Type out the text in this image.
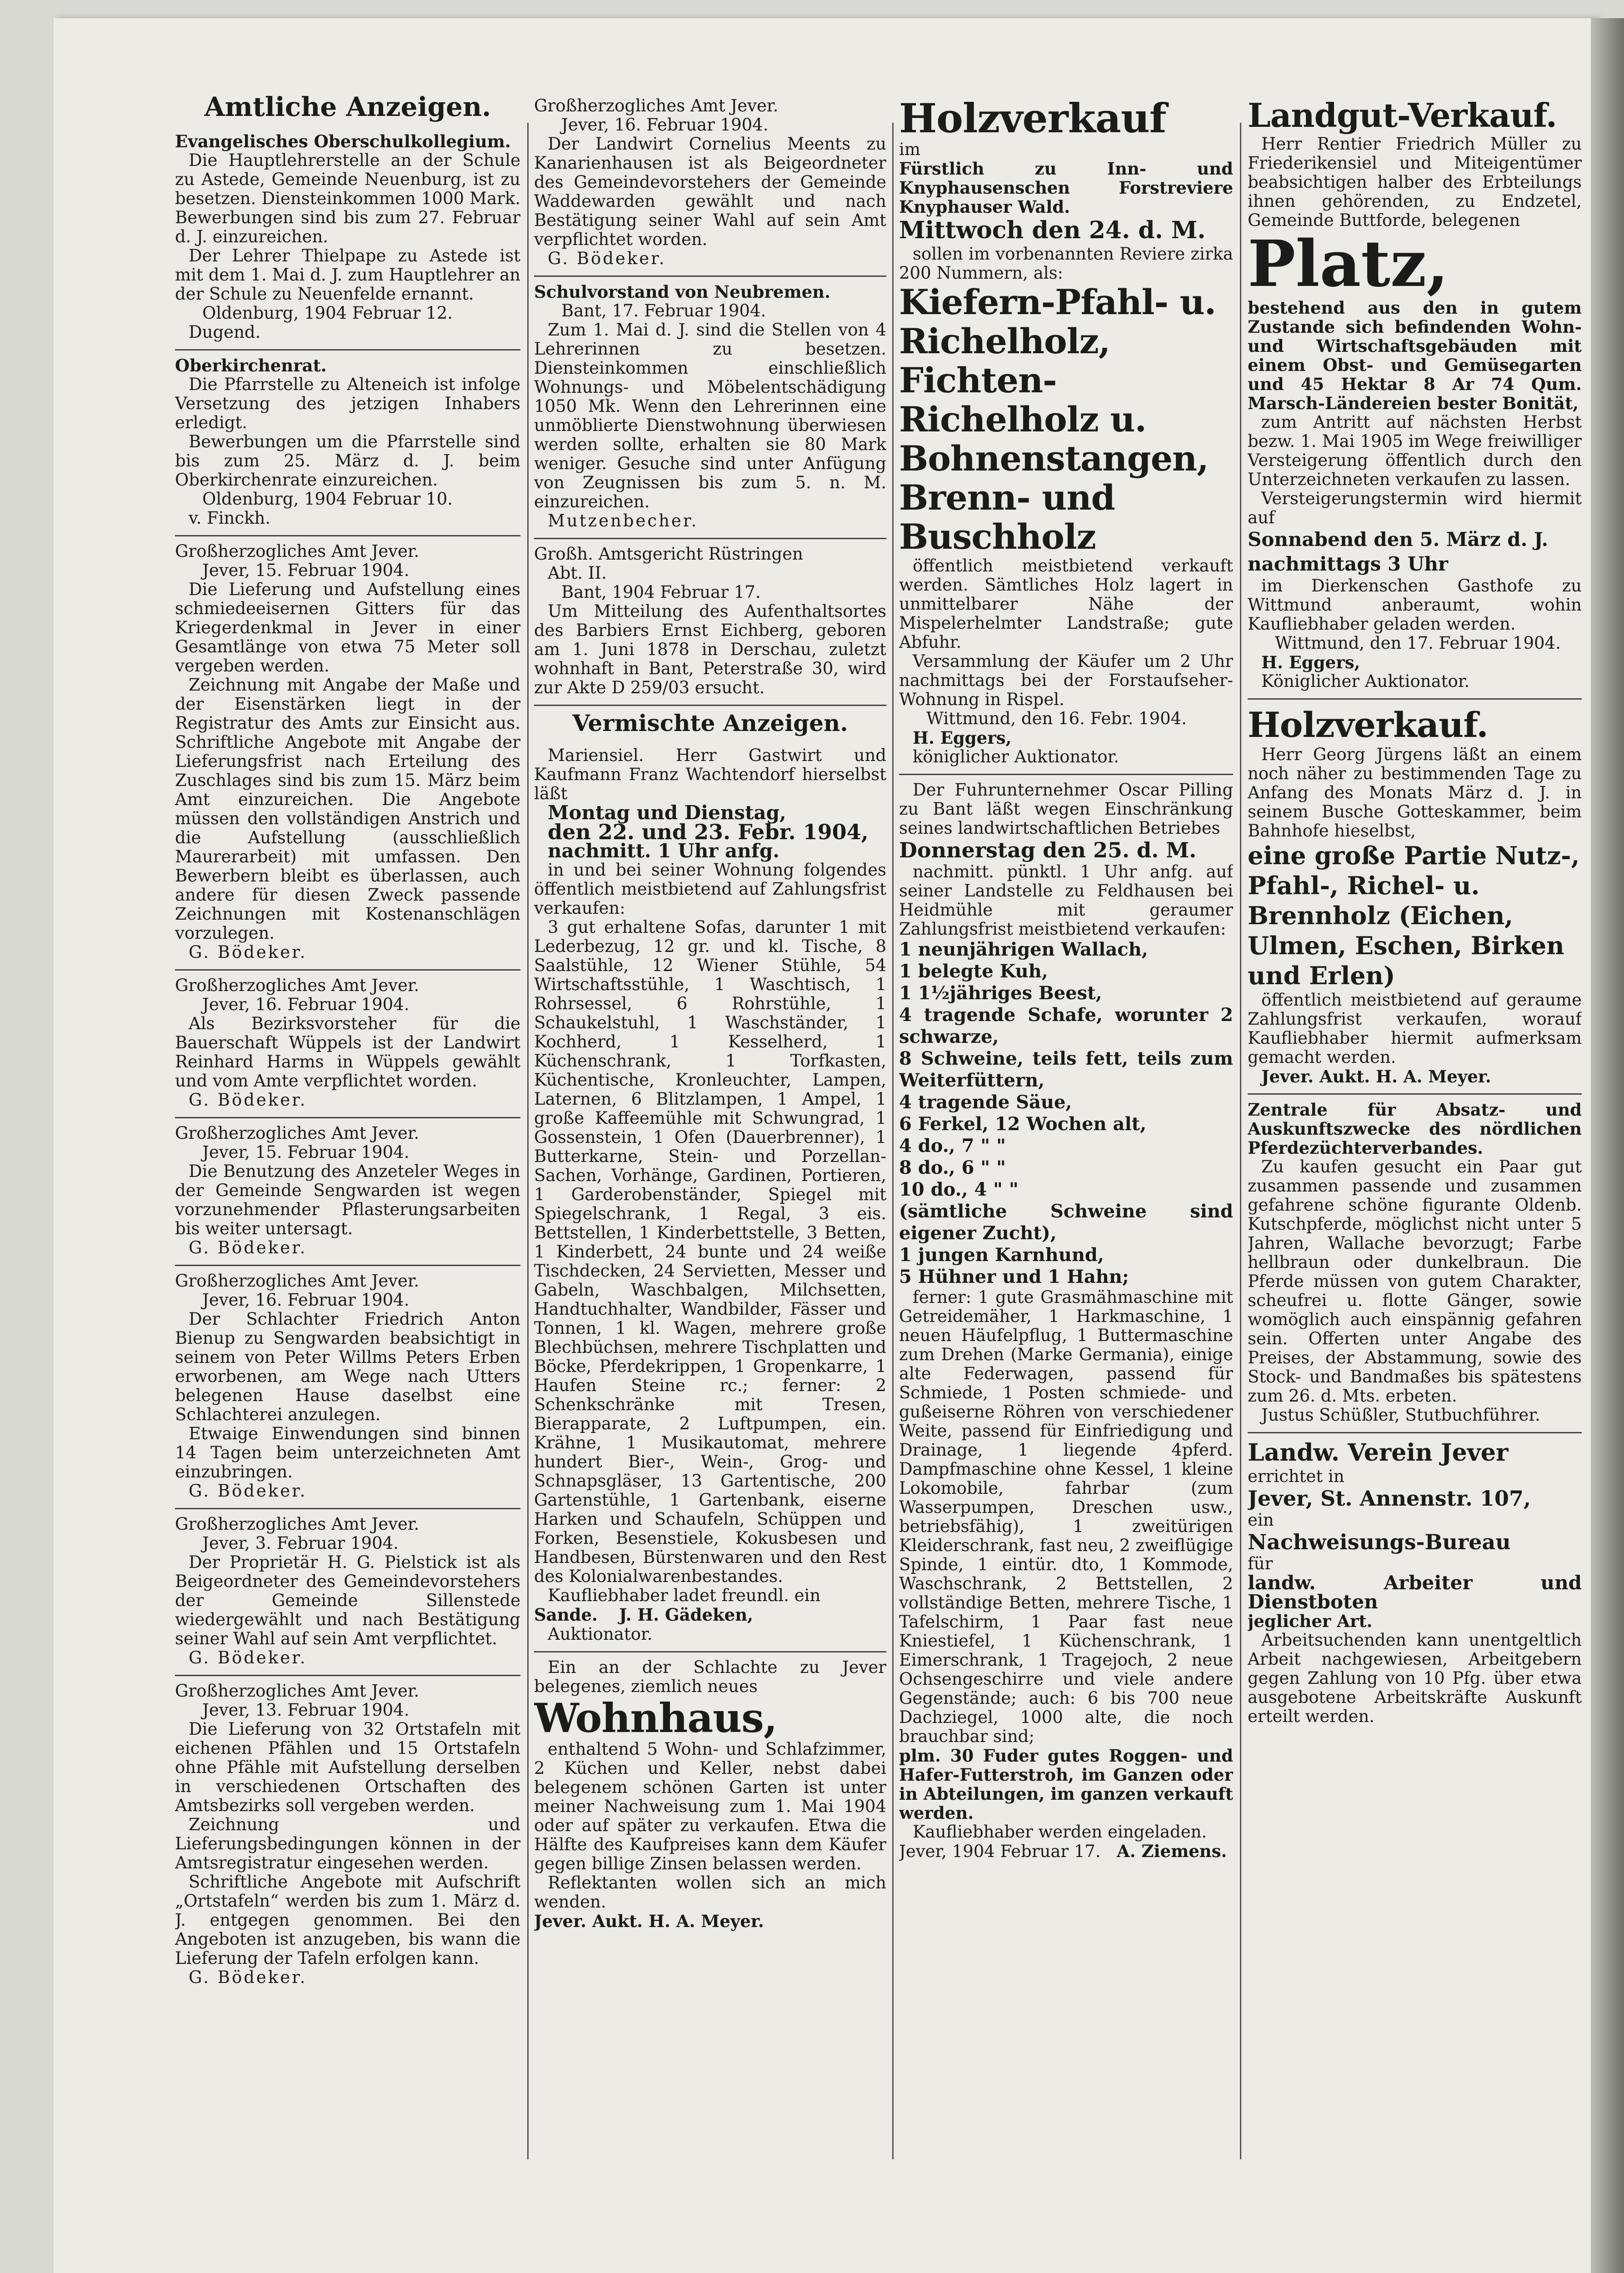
Amtliche Anzeigen.

Evangelisches Oberschulkollegium.

Die Hauptlehrerstelle an der Schule zu Astede, Gemeinde Neuenburg, ist zu besetzen. Diensteinkommen 1000 Mark. Bewerbungen sind bis zum 27. Februar d. J. einzureichen.

Der Lehrer Thielpape zu Astede ist mit dem 1. Mai d. J. zum Hauptlehrer an der Schule zu Neuenfelde ernannt.

Oldenburg, 1904 Februar 12.

Dugend.

Oberkirchenrat.

Die Pfarrstelle zu Alteneich ist infolge Versetzung des jetzigen Inhabers erledigt.

Bewerbungen um die Pfarrstelle sind bis zum 25. März d. J. beim Oberkirchenrate einzureichen.

Oldenburg, 1904 Februar 10.

v. Finckh.

Großherzogliches Amt Jever.

Jever, 15. Februar 1904.

Die Lieferung und Aufstellung eines schmiedeeisernen Gitters für das Kriegerdenkmal in Jever in einer Gesamtlänge von etwa 75 Meter soll vergeben werden.

Zeichnung mit Angabe der Maße und der Eisenstärken liegt in der Registratur des Amts zur Einsicht aus. Schriftliche Angebote mit Angabe der Lieferungsfrist nach Erteilung des Zuschlages sind bis zum 15. März beim Amt einzureichen. Die Angebote müssen den vollständigen Anstrich und die Aufstellung (ausschließlich Maurerarbeit) mit umfassen. Den Bewerbern bleibt es überlassen, auch andere für diesen Zweck passende Zeichnungen mit Kostenanschlägen vorzulegen.

G. Bödeker.

Großherzogliches Amt Jever.

Jever, 16. Februar 1904.

Als Bezirksvorsteher für die Bauerschaft Wüppels ist der Landwirt Reinhard Harms in Wüppels gewählt und vom Amte verpflichtet worden.

G. Bödeker.

Großherzogliches Amt Jever.

Jever, 15. Februar 1904.

Die Benutzung des Anzeteler Weges in der Gemeinde Sengwarden ist wegen vorzunehmender Pflasterungsarbeiten bis weiter untersagt.

G. Bödeker.

Großherzogliches Amt Jever.

Jever, 16. Februar 1904.

Der Schlachter Friedrich Anton Bienup zu Sengwarden beabsichtigt in seinem von Peter Willms Peters Erben erworbenen, am Wege nach Utters belegenen Hause daselbst eine Schlachterei anzulegen.

Etwaige Einwendungen sind binnen 14 Tagen beim unterzeichneten Amt einzubringen.

G. Bödeker.

Großherzogliches Amt Jever.

Jever, 3. Februar 1904.

Der Proprietär H. G. Pielstick ist als Beigeordneter des Gemeindevorstehers der Gemeinde Sillenstede wiedergewählt und nach Bestätigung seiner Wahl auf sein Amt verpflichtet.

G. Bödeker.

Großherzogliches Amt Jever.

Jever, 13. Februar 1904.

Die Lieferung von 32 Ortstafeln mit eichenen Pfählen und 15 Ortstafeln ohne Pfähle mit Aufstellung derselben in verschiedenen Ortschaften des Amtsbezirks soll vergeben werden.

Zeichnung und Lieferungsbedingungen können in der Amtsregistratur eingesehen werden.

Schriftliche Angebote mit Aufschrift „Ortstafeln“ werden bis zum 1. März d. J. entgegen genommen. Bei den Angeboten ist anzugeben, bis wann die Lieferung der Tafeln erfolgen kann.

G. Bödeker.

Großherzogliches Amt Jever.

Jever, 16. Februar 1904.

Der Landwirt Cornelius Meents zu Kanarienhausen ist als Beigeordneter des Gemeindevorstehers der Gemeinde Waddewarden gewählt und nach Bestätigung seiner Wahl auf sein Amt verpflichtet worden.

G. Bödeker.

Schulvorstand von Neubremen.

Bant, 17. Februar 1904.

Zum 1. Mai d. J. sind die Stellen von 4 Lehrerinnen zu besetzen. Diensteinkommen einschließlich Wohnungs- und Möbelentschädigung 1050 Mk. Wenn den Lehrerinnen eine unmöblierte Dienstwohnung überwiesen werden sollte, erhalten sie 80 Mark weniger. Gesuche sind unter Anfügung von Zeugnissen bis zum 5. n. M. einzureichen.

Mutzenbecher.

Großh. Amtsgericht Rüstringen

Abt. II.

Bant, 1904 Februar 17.

Um Mitteilung des Aufenthaltsortes des Barbiers Ernst Eichberg, geboren am 1. Juni 1878 in Derschau, zuletzt wohnhaft in Bant, Peterstraße 30, wird zur Akte D 259/03 ersucht.

Vermischte Anzeigen.

Mariensiel. Herr Gastwirt und Kaufmann Franz Wachtendorf hierselbst läßt

Montag und Dienstag,

den 22. und 23. Febr. 1904,

nachmitt. 1 Uhr anfg.

in und bei seiner Wohnung folgendes öffentlich meistbietend auf Zahlungsfrist verkaufen:

3 gut erhaltene Sofas, darunter 1 mit Lederbezug, 12 gr. und kl. Tische, 8 Saalstühle, 12 Wiener Stühle, 54 Wirtschaftsstühle, 1 Waschtisch, 1 Rohrsessel, 6 Rohrstühle, 1 Schaukelstuhl, 1 Waschständer, 1 Kochherd, 1 Kesselherd, 1 Küchenschrank, 1 Torfkasten, Küchentische, Kronleuchter, Lampen, Laternen, 6 Blitzlampen, 1 Ampel, 1 große Kaffeemühle mit Schwungrad, 1 Gossenstein, 1 Ofen (Dauerbrenner), 1 Butterkarne, Stein- und Porzellan-Sachen, Vorhänge, Gardinen, Portieren, 1 Garderobenständer, Spiegel mit Spiegelschrank, 1 Regal, 3 eis. Bettstellen, 1 Kinderbettstelle, 3 Betten, 1 Kinderbett, 24 bunte und 24 weiße Tischdecken, 24 Servietten, Messer und Gabeln, Waschbalgen, Milchsetten, Handtuchhalter, Wandbilder, Fässer und Tonnen, 1 kl. Wagen, mehrere große Blechbüchsen, mehrere Tischplatten und Böcke, Pferdekrippen, 1 Gropenkarre, 1 Haufen Steine rc.; ferner: 2 Schenkschränke mit Tresen, Bierapparate, 2 Luftpumpen, ein. Krähne, 1 Musikautomat, mehrere hundert Bier-, Wein-, Grog- und Schnapsgläser, 13 Gartentische, 200 Gartenstühle, 1 Gartenbank, eiserne Harken und Schaufeln, Schüppen und Forken, Besenstiele, Kokusbesen und Handbesen, Bürstenwaren und den Rest des Kolonialwarenbestandes.

Kaufliebhaber ladet freundl. ein

Sande. J. H. Gädeken,

Auktionator.

Ein an der Schlachte zu Jever belegenes, ziemlich neues

Wohnhaus,

enthaltend 5 Wohn- und Schlafzimmer, 2 Küchen und Keller, nebst dabei belegenem schönen Garten ist unter meiner Nachweisung zum 1. Mai 1904 oder auf später zu verkaufen. Etwa die Hälfte des Kaufpreises kann dem Käufer gegen billige Zinsen belassen werden.

Reflektanten wollen sich an mich wenden.

Jever. Aukt. H. A. Meyer.

Holzverkauf

im

Fürstlich zu Inn- und Knyphausenschen Forstreviere Knyphauser Wald.

Mittwoch den 24. d. M.

sollen im vorbenannten Reviere zirka 200 Nummern, als:

Kiefern-Pfahl- u. Richelholz, Fichten-Richelholz u. Bohnenstangen, Brenn- und Buschholz

öffentlich meistbietend verkauft werden. Sämtliches Holz lagert in unmittelbarer Nähe der Mispelerhelmter Landstraße; gute Abfuhr.

Versammlung der Käufer um 2 Uhr nachmittags bei der Forstaufseher-Wohnung in Rispel.

Wittmund, den 16. Febr. 1904.

H. Eggers,

königlicher Auktionator.

Der Fuhrunternehmer Oscar Pilling zu Bant läßt wegen Einschränkung seines landwirtschaftlichen Betriebes

Donnerstag den 25. d. M.

nachmitt. pünktl. 1 Uhr anfg. auf seiner Landstelle zu Feldhausen bei Heidmühle mit geraumer Zahlungsfrist meistbietend verkaufen:

1 neunjährigen Wallach,

1 belegte Kuh,

1 1½jähriges Beest,

4 tragende Schafe, worunter 2 schwarze,

8 Schweine, teils fett, teils zum Weiterfüttern,

4 tragende Säue,

6 Ferkel, 12 Wochen alt,

4 do., 7 " "

8 do., 6 " "

10 do., 4 " "

(sämtliche Schweine sind eigener Zucht),

1 jungen Karnhund,

5 Hühner und 1 Hahn;

ferner: 1 gute Grasmähmaschine mit Getreidemäher, 1 Harkmaschine, 1 neuen Häufelpflug, 1 Buttermaschine zum Drehen (Marke Germania), einige alte Federwagen, passend für Schmiede, 1 Posten schmiede- und gußeiserne Röhren von verschiedener Weite, passend für Einfriedigung und Drainage, 1 liegende 4pferd. Dampfmaschine ohne Kessel, 1 kleine Lokomobile, fahrbar (zum Wasserpumpen, Dreschen usw., betriebsfähig), 1 zweitürigen Kleiderschrank, fast neu, 2 zweiflügige Spinde, 1 eintür. dto, 1 Kommode, Waschschrank, 2 Bettstellen, 2 vollständige Betten, mehrere Tische, 1 Tafelschirm, 1 Paar fast neue Kniestiefel, 1 Küchenschrank, 1 Eimerschrank, 1 Tragejoch, 2 neue Ochsengeschirre und viele andere Gegenstände; auch: 6 bis 700 neue Dachziegel, 1000 alte, die noch brauchbar sind;

plm. 30 Fuder gutes Roggen- und Hafer-Futterstroh, im Ganzen oder in Abteilungen, im ganzen verkauft werden.

Kaufliebhaber werden eingeladen.

Jever, 1904 Februar 17. A. Ziemens.

Landgut-Verkauf.

Herr Rentier Friedrich Müller zu Friederikensiel und Miteigentümer beabsichtigen halber des Erbteilungs ihnen gehörenden, zu Endzetel, Gemeinde Buttforde, belegenen

Platz,

bestehend aus den in gutem Zustande sich befindenden Wohn- und Wirtschaftsgebäuden mit einem Obst- und Gemüsegarten und 45 Hektar 8 Ar 74 Qum. Marsch-Ländereien bester Bonität,

zum Antritt auf nächsten Herbst bezw. 1. Mai 1905 im Wege freiwilliger Versteigerung öffentlich durch den Unterzeichneten verkaufen zu lassen.

Versteigerungstermin wird hiermit auf

Sonnabend den 5. März d. J.

nachmittags 3 Uhr

im Dierkenschen Gasthofe zu Wittmund anberaumt, wohin Kaufliebhaber geladen werden.

Wittmund, den 17. Februar 1904.

H. Eggers,

Königlicher Auktionator.

Holzverkauf.

Herr Georg Jürgens läßt an einem noch näher zu bestimmenden Tage zu Anfang des Monats März d. J. in seinem Busche Gotteskammer, beim Bahnhofe hieselbst,

eine große Partie Nutz-, Pfahl-, Richel- u. Brennholz (Eichen, Ulmen, Eschen, Birken und Erlen)

öffentlich meistbietend auf geraume Zahlungsfrist verkaufen, worauf Kaufliebhaber hiermit aufmerksam gemacht werden.

Jever. Aukt. H. A. Meyer.

Zentrale für Absatz- und Auskunftszwecke des nördlichen Pferdezüchterverbandes.

Zu kaufen gesucht ein Paar gut zusammen passende und zusammen gefahrene schöne figurante Oldenb. Kutschpferde, möglichst nicht unter 5 Jahren, Wallache bevorzugt; Farbe hellbraun oder dunkelbraun. Die Pferde müssen von gutem Charakter, scheufrei u. flotte Gänger, sowie womöglich auch einspännig gefahren sein. Offerten unter Angabe des Preises, der Abstammung, sowie des Stock- und Bandmaßes bis spätestens zum 26. d. Mts. erbeten.

Justus Schüßler, Stutbuchführer.

Landw. Verein Jever

errichtet in

Jever, St. Annenstr. 107,

ein

Nachweisungs-Bureau

für

landw. Arbeiter und Dienstboten

jeglicher Art.

Arbeitsuchenden kann unentgeltlich Arbeit nachgewiesen, Arbeitgebern gegen Zahlung von 10 Pfg. über etwa ausgebotene Arbeitskräfte Auskunft erteilt werden.
